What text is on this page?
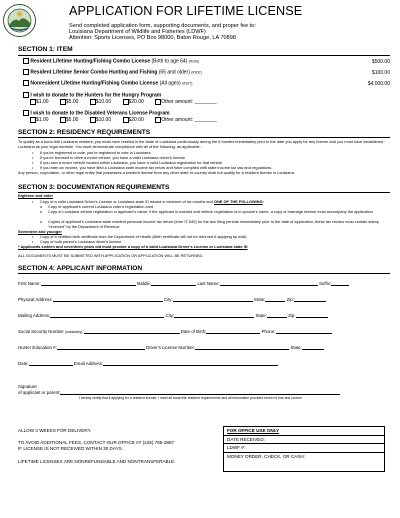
APPLICATION FOR LIFETIME LICENSE
Send completed application form, supporting documents, and proper fee to:
Louisiana Department of Wildlife and Fisheries (LDWF)
Attention: Sports Licenses, PO Box 98000, Baton Rouge, LA 70898
SECTION 1: ITEM
Resident Lifetime Hunting/Fishing Combo License (Birth to age 64) (#100)	$500.00
Resident Lifetime Senior Combo Hunting and Fishing (65 and older) (#302)	$100.00
Nonresident Lifetime Hunting/Fishing Combo License (All ages) (#107)	$4,000.00
I wish to donate to the Hunters for the Hungry Program
$1.00	$5.00	$10.00	$20.00	Other amount: ________
I wish to donate to the Disabled Veterans License Program
$1.00	$5.00	$10.00	$20.00	Other amount: ________
SECTION 2: RESIDENCY REQUIREMENTS
To qualify as a bona fide Louisiana resident, you must have resided in the state of Louisiana continuously during the 6 months immediately prior to the date you apply for any license and you must have established Louisiana as your legal domicile. You must demonstrate compliance with all of the following, as applicable:
• If you're registered to vote, you're registered to vote in Louisiana
• If you're licensed to drive a motor vehicle, you have a valid Louisiana driver's license
• If you own a motor vehicle located within Louisiana, you have a valid Louisiana registration for that vehicle
• If you earn an income, you have filed a Louisiana state income tax return and have complied with state income tax law and regulations.
Any person, corporation, or other legal entity that possesses a resident license from any other state or country shall not qualify for a resident license in Louisiana.
SECTION 3: DOCUMENTATION REQUIREMENTS
Eighteen and older
• Copy of a valid Louisiana Driver's License or Louisiana state ID issued a minimum of six months and ONE OF THE FOLLOWING:
o Copy of applicant's current Louisiana voter's registration card
o Copy of Louisiana vehicle registration in applicant's name; if the applicant is married and vehicle registration is in spouse's name, a copy of marriage license must accompany the application
o Copies of applicant's Louisiana state resident personal income tax return (form IT-540) for the two filing periods immediately prior to the date of application, these tax returns must contain stamp "received" by the Department of Revenue
Seventeen and younger
• Copy of a certified birth certificate from the Department of Health (Birth certificate will not be returned if applying by mail)
• Copy of both parent's Louisiana driver's license
* Applicants sixteen and seventeen years old must provide a copy of a valid Louisiana Driver's License or Louisiana state ID
ALL DOCUMENTS MUST BE SUBMITTED WITH APPLICATION OR APPLICATION WILL BE RETURNED.
SECTION 4: APPLICANT INFORMATION
First Name:	Middle:	Last Name:	Suffix:
Physical Address:	City:	State:	Zip:
Mailing Address:	City:	State:	Zip:
Social Security Number (mandatory):	Date of Birth:	Phone:
Hunter Education #:	Driver's License Number:	State:
Date:	Email Address:
Signature
of applicant or parent:
I hereby certify that if applying for a resident license, I meet all bona fide resident requirements and all information provided herein is true and correct.
ALLOW 3 WEEKS FOR DELIVERY.
TO AVOID ADDITIONAL FEES, CONTACT OUR OFFICE AT (225) 765-2887
IF LICENSE IS NOT RECEIVED WITHIN 30 DAYS.
LIFETIME LICENSES ARE NONREFUNDABLE AND NONTRANSFERABLE.
FOR OFFICE USE ONLY
DATE RECEIVED:
LDWF #:
MONEY ORDER, CHECK, OR CASH:
